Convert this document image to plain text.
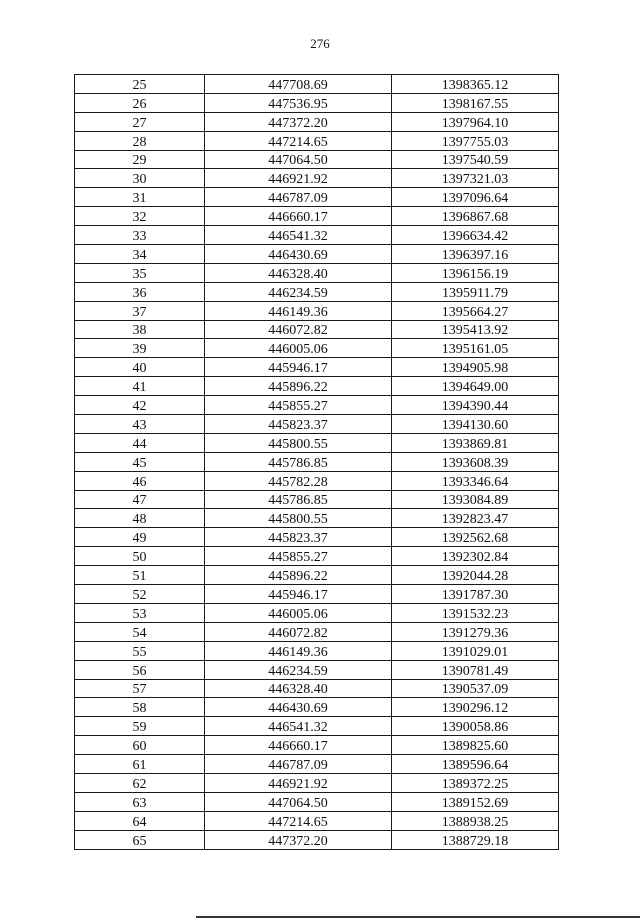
276
25	447708.69	1398365.12
26	447536.95	1398167.55
27	447372.20	1397964.10
28	447214.65	1397755.03
29	447064.50	1397540.59
30	446921.92	1397321.03
31	446787.09	1397096.64
32	446660.17	1396867.68
33	446541.32	1396634.42
34	446430.69	1396397.16
35	446328.40	1396156.19
36	446234.59	1395911.79
37	446149.36	1395664.27
38	446072.82	1395413.92
39	446005.06	1395161.05
40	445946.17	1394905.98
41	445896.22	1394649.00
42	445855.27	1394390.44
43	445823.37	1394130.60
44	445800.55	1393869.81
45	445786.85	1393608.39
46	445782.28	1393346.64
47	445786.85	1393084.89
48	445800.55	1392823.47
49	445823.37	1392562.68
50	445855.27	1392302.84
51	445896.22	1392044.28
52	445946.17	1391787.30
53	446005.06	1391532.23
54	446072.82	1391279.36
55	446149.36	1391029.01
56	446234.59	1390781.49
57	446328.40	1390537.09
58	446430.69	1390296.12
59	446541.32	1390058.86
60	446660.17	1389825.60
61	446787.09	1389596.64
62	446921.92	1389372.25
63	447064.50	1389152.69
64	447214.65	1388938.25
65	447372.20	1388729.18
